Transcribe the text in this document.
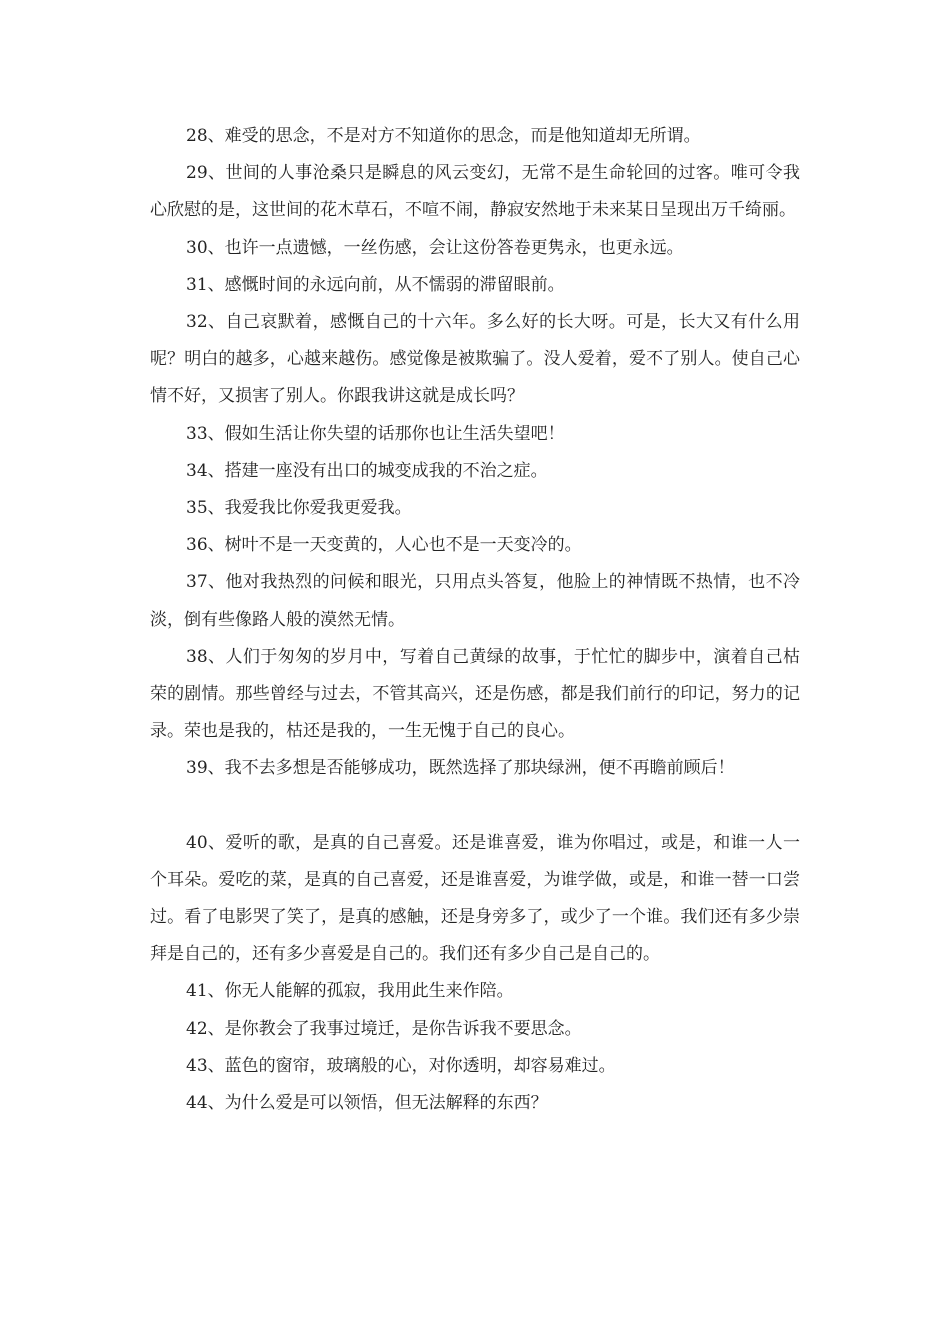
28、难受的思念，不是对方不知道你的思念，而是他知道却无所谓。

29、世间的人事沧桑只是瞬息的风云变幻，无常不是生命轮回的过客。唯可令我心欣慰的是，这世间的花木草石，不喧不闹，静寂安然地于未来某日呈现出万千绮丽。

30、也许一点遗憾，一丝伤感，会让这份答卷更隽永，也更永远。

31、感慨时间的永远向前，从不懦弱的滞留眼前。

32、自己哀默着，感慨自己的十六年。多么好的长大呀。可是，长大又有什么用呢？明白的越多，心越来越伤。感觉像是被欺骗了。没人爱着，爱不了别人。使自己心情不好，又损害了别人。你跟我讲这就是成长吗？

33、假如生活让你失望的话那你也让生活失望吧！

34、搭建一座没有出口的城变成我的不治之症。

35、我爱我比你爱我更爱我。

36、树叶不是一天变黄的，人心也不是一天变冷的。

37、他对我热烈的问候和眼光，只用点头答复，他脸上的神情既不热情，也不冷淡，倒有些像路人般的漠然无情。

38、人们于匆匆的岁月中，写着自己黄绿的故事，于忙忙的脚步中，演着自己枯荣的剧情。那些曾经与过去，不管其高兴，还是伤感，都是我们前行的印记，努力的记录。荣也是我的，枯还是我的，一生无愧于自己的良心。

39、我不去多想是否能够成功，既然选择了那块绿洲，便不再瞻前顾后！

40、爱听的歌，是真的自己喜爱。还是谁喜爱，谁为你唱过，或是，和谁一人一个耳朵。爱吃的菜，是真的自己喜爱，还是谁喜爱，为谁学做，或是，和谁一替一口尝过。看了电影哭了笑了，是真的感触，还是身旁多了，或少了一个谁。我们还有多少崇拜是自己的，还有多少喜爱是自己的。我们还有多少自己是自己的。

41、你无人能解的孤寂，我用此生来作陪。

42、是你教会了我事过境迁，是你告诉我不要思念。

43、蓝色的窗帘，玻璃般的心，对你透明，却容易难过。

44、为什么爱是可以领悟，但无法解释的东西？
